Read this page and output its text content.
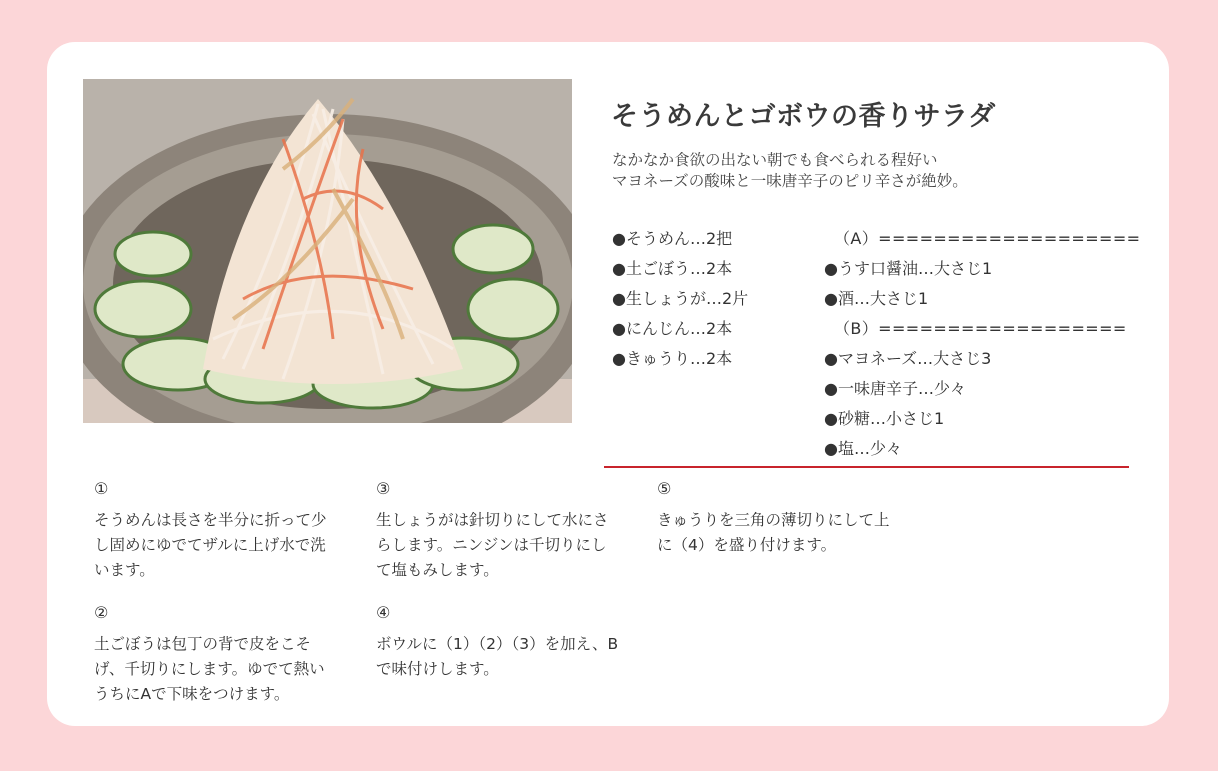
そうめんとゴボウの香りサラダ
なかなか食欲の出ない朝でも食べられる程好い
マヨネーズの酸味と一味唐辛子のピリ辛さが絶妙。
●そうめん…2把
●土ごぼう…2本
●生しょうが…2片
●にんじん…2本
●きゅうり…2本
（A）===================
●うす口醤油…大さじ1
●酒…大さじ1
（B）==================
●マヨネーズ…大さじ3
●一味唐辛子…少々
●砂糖…小さじ1
●塩…少々
①
そうめんは長さを半分に折って少し固めにゆでてザルに上げ水で洗います。
②
土ごぼうは包丁の背で皮をこそげ、千切りにします。ゆでて熱いうちにAで下味をつけます。
③
生しょうがは針切りにして水にさらします。ニンジンは千切りにして塩もみします。
④
ボウルに（1）（2）（3）を加え、Bで味付けします。
⑤
きゅうりを三角の薄切りにして上に（4）を盛り付けます。
